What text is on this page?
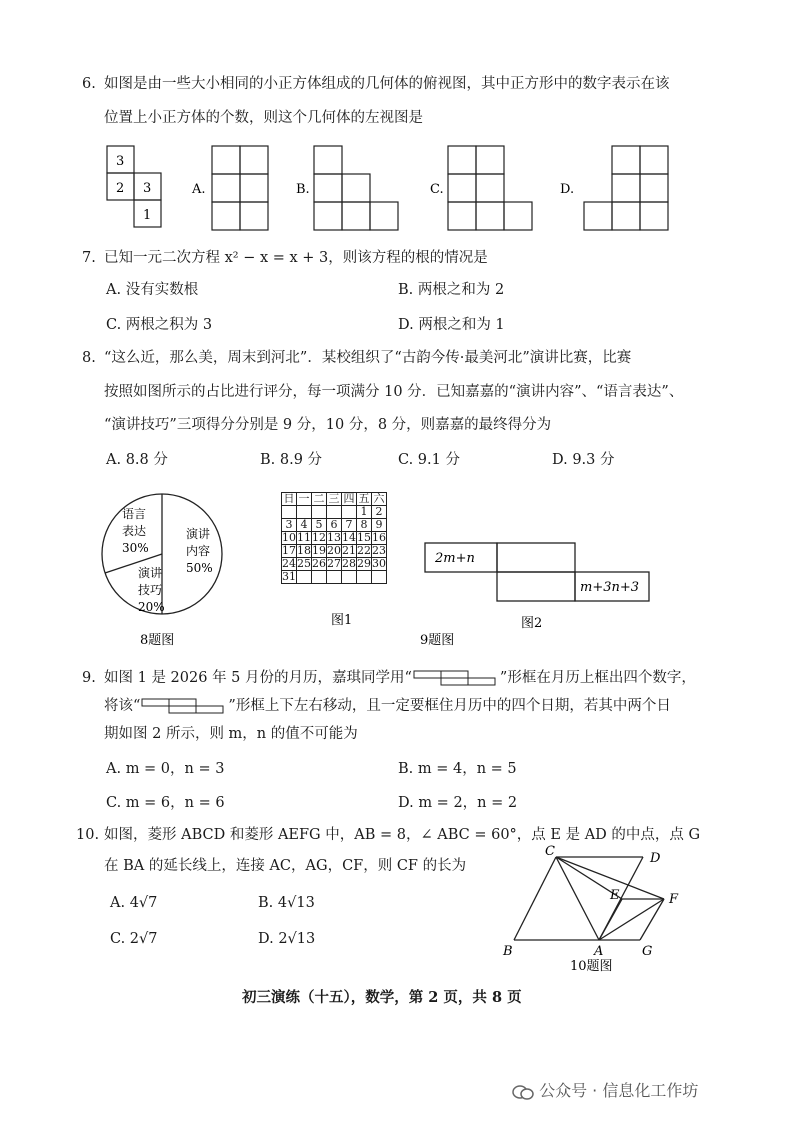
6. 如图是由一些大小相同的小正方体组成的几何体的俯视图，其中正方形中的数字表示在该
位置上小正方体的个数，则这个几何体的左视图是
3
2 3
1
A.	B.	C.	D.
7. 已知一元二次方程 x² − x = x + 3，则该方程的根的情况是
A. 没有实数根	B. 两根之和为 2
C. 两根之积为 3	D. 两根之和为 1
8. “这么近，那么美，周末到河北”．某校组织了“古韵今传·最美河北”演讲比赛，比赛
按照如图所示的占比进行评分，每一项满分 10 分．已知嘉嘉的“演讲内容”、“语言表达”、
“演讲技巧”三项得分分别是 9 分，10 分，8 分，则嘉嘉的最终得分为
A. 8.8 分	B. 8.9 分	C. 9.1 分	D. 9.3 分
演讲
内容
50%
语言
表达
30%
演讲
技巧
20%
8题图
2m+n
m+3n+3
图2
图1
9题图
日	一	二	三	四	五	六
					1	2
3	4	5	6	7	8	9
10	11	12	13	14	15	16
17	18	19	20	21	22	23
24	25	26	27	28	29	30
31						
9. 如图 1 是 2026 年 5 月份的月历，嘉琪同学用“	”形框在月历上框出四个数字，
将该“	”形框上下左右移动，且一定要框住月历中的四个日期，若其中两个日
期如图 2 所示，则 m，n 的值不可能为
A. m = 0，n = 3	B. m = 4，n = 5
C. m = 6，n = 6	D. m = 2，n = 2
10. 如图，菱形 ABCD 和菱形 AEFG 中，AB = 8，∠ ABC = 60°，点 E 是 AD 的中点，点 G
在 BA 的延长线上，连接 AC，AG，CF，则 CF 的长为
A. 4√7	B. 4√13
C. 2√7	D. 2√13
C	D
E	F
B	A	G
10题图
初三演练（十五），数学，第 2 页，共 8 页
公众号 · 信息化工作坊
